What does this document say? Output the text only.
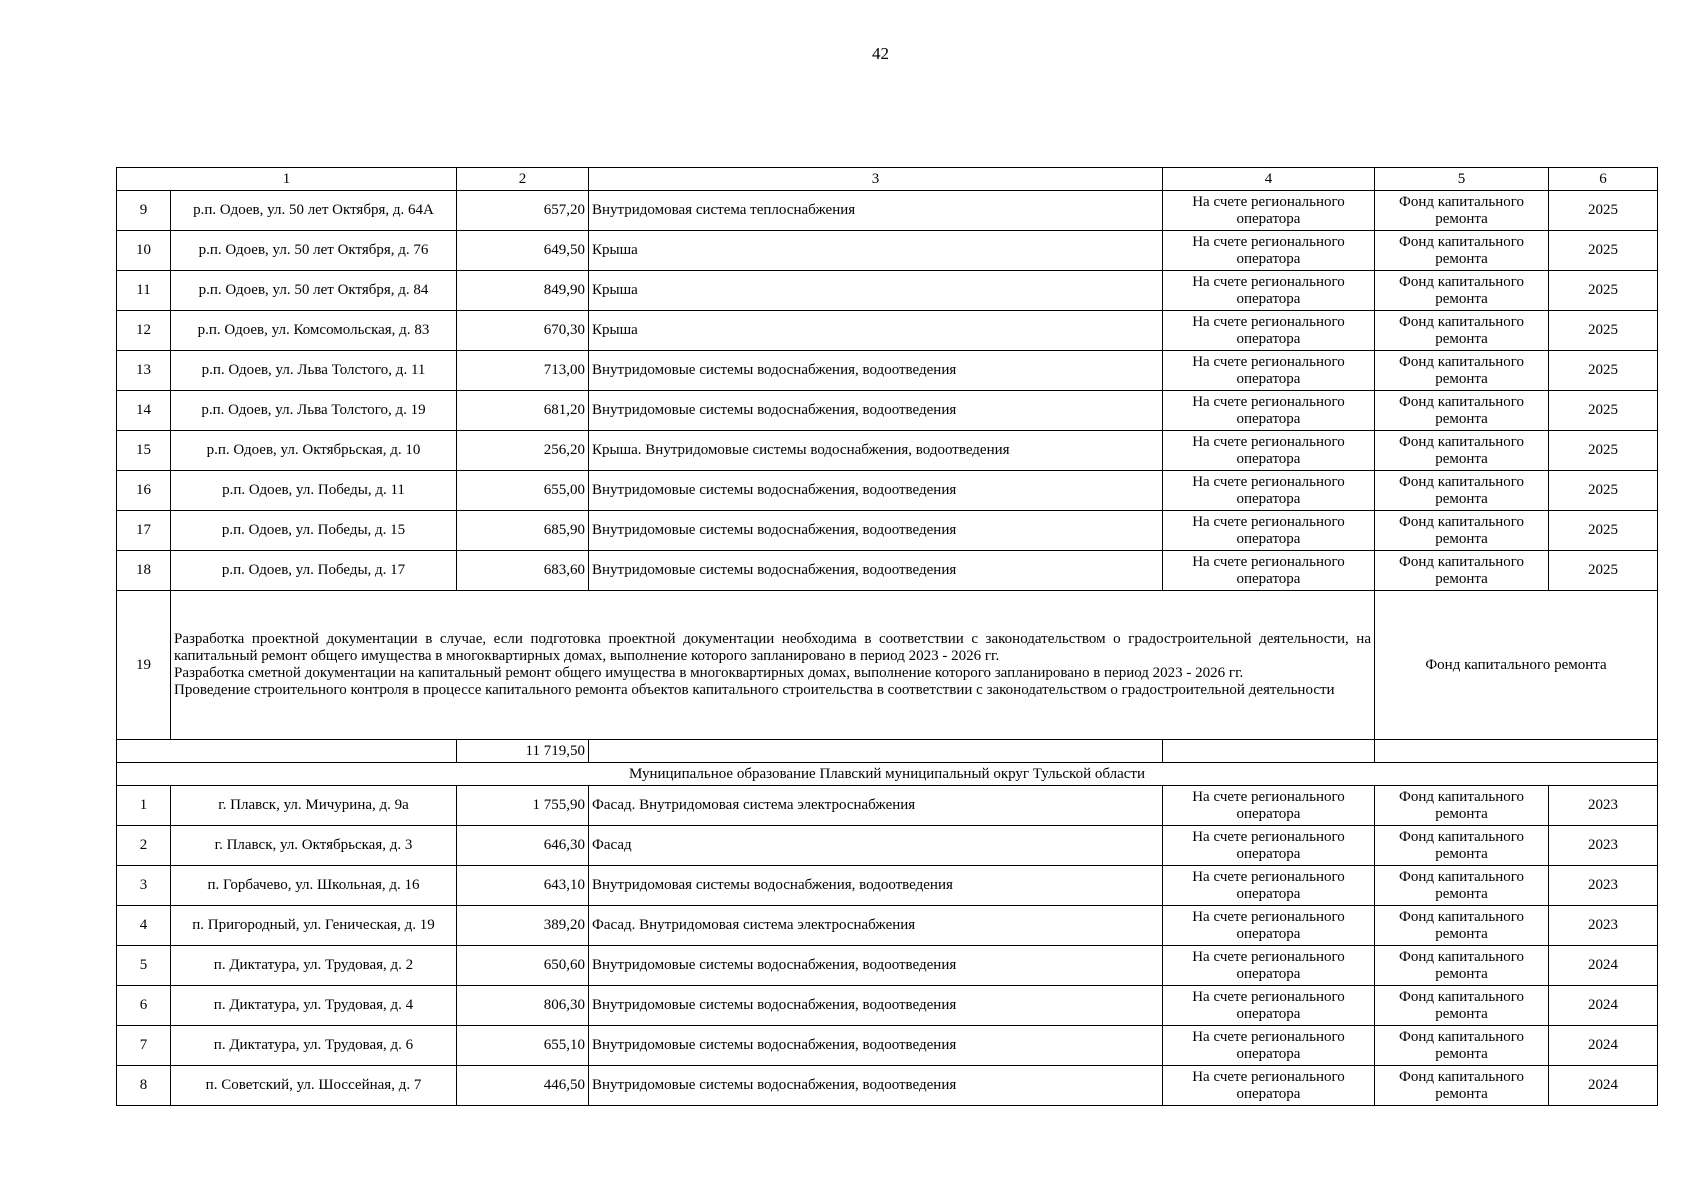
42
1		2	3	4	5	6
9	р.п. Одоев, ул. 50 лет Октября, д. 64А	657,20	Внутридомовая система теплоснабжения	На счете регионального оператора	Фонд капитального ремонта	2025
10	р.п. Одоев, ул. 50 лет Октября, д. 76	649,50	Крыша	На счете регионального оператора	Фонд капитального ремонта	2025
11	р.п. Одоев, ул. 50 лет Октября, д. 84	849,90	Крыша	На счете регионального оператора	Фонд капитального ремонта	2025
12	р.п. Одоев, ул. Комсомольская, д. 83	670,30	Крыша	На счете регионального оператора	Фонд капитального ремонта	2025
13	р.п. Одоев, ул. Льва Толстого, д. 11	713,00	Внутридомовые системы водоснабжения, водоотведения	На счете регионального оператора	Фонд капитального ремонта	2025
14	р.п. Одоев, ул. Льва Толстого, д. 19	681,20	Внутридомовые системы водоснабжения, водоотведения	На счете регионального оператора	Фонд капитального ремонта	2025
15	р.п. Одоев, ул. Октябрьская, д. 10	256,20	Крыша. Внутридомовые системы водоснабжения, водоотведения	На счете регионального оператора	Фонд капитального ремонта	2025
16	р.п. Одоев, ул. Победы, д. 11	655,00	Внутридомовые системы водоснабжения, водоотведения	На счете регионального оператора	Фонд капитального ремонта	2025
17	р.п. Одоев, ул. Победы, д. 15	685,90	Внутридомовые системы водоснабжения, водоотведения	На счете регионального оператора	Фонд капитального ремонта	2025
18	р.п. Одоев, ул. Победы, д. 17	683,60	Внутридомовые системы водоснабжения, водоотведения	На счете регионального оператора	Фонд капитального ремонта	2025
19	Разработка проектной документации в случае, если подготовка проектной документации необходима в соответствии с законодательством о градостроительной деятельности, на капитальный ремонт общего имущества в многоквартирных домах, выполнение которого запланировано в период 2023 - 2026 гг.

Разработка сметной документации на капитальный ремонт общего имущества в многоквартирных домах, выполнение которого запланировано в период 2023 - 2026 гг.

Проведение строительного контроля в процессе капитального ремонта объектов капитального строительства в соответствии с законодательством о градостроительной деятельности				Фонд капитального ремонта	
		11 719,50				
Муниципальное образование Плавский муниципальный округ Тульской области						
1	г. Плавск, ул. Мичурина, д. 9а	1 755,90	Фасад. Внутридомовая система электроснабжения	На счете регионального оператора	Фонд капитального ремонта	2023
2	г. Плавск, ул. Октябрьская, д. 3	646,30	Фасад	На счете регионального оператора	Фонд капитального ремонта	2023
3	п. Горбачево, ул. Школьная, д. 16	643,10	Внутридомовая системы водоснабжения, водоотведения	На счете регионального оператора	Фонд капитального ремонта	2023
4	п. Пригородный, ул. Геническая, д. 19	389,20	Фасад. Внутридомовая система электроснабжения	На счете регионального оператора	Фонд капитального ремонта	2023
5	п. Диктатура, ул. Трудовая, д. 2	650,60	Внутридомовые системы водоснабжения, водоотведения	На счете регионального оператора	Фонд капитального ремонта	2024
6	п. Диктатура, ул. Трудовая, д. 4	806,30	Внутридомовые системы водоснабжения, водоотведения	На счете регионального оператора	Фонд капитального ремонта	2024
7	п. Диктатура, ул. Трудовая, д. 6	655,10	Внутридомовые системы водоснабжения, водоотведения	На счете регионального оператора	Фонд капитального ремонта	2024
8	п. Советский, ул. Шоссейная, д. 7	446,50	Внутридомовые системы водоснабжения, водоотведения	На счете регионального оператора	Фонд капитального ремонта	2024
